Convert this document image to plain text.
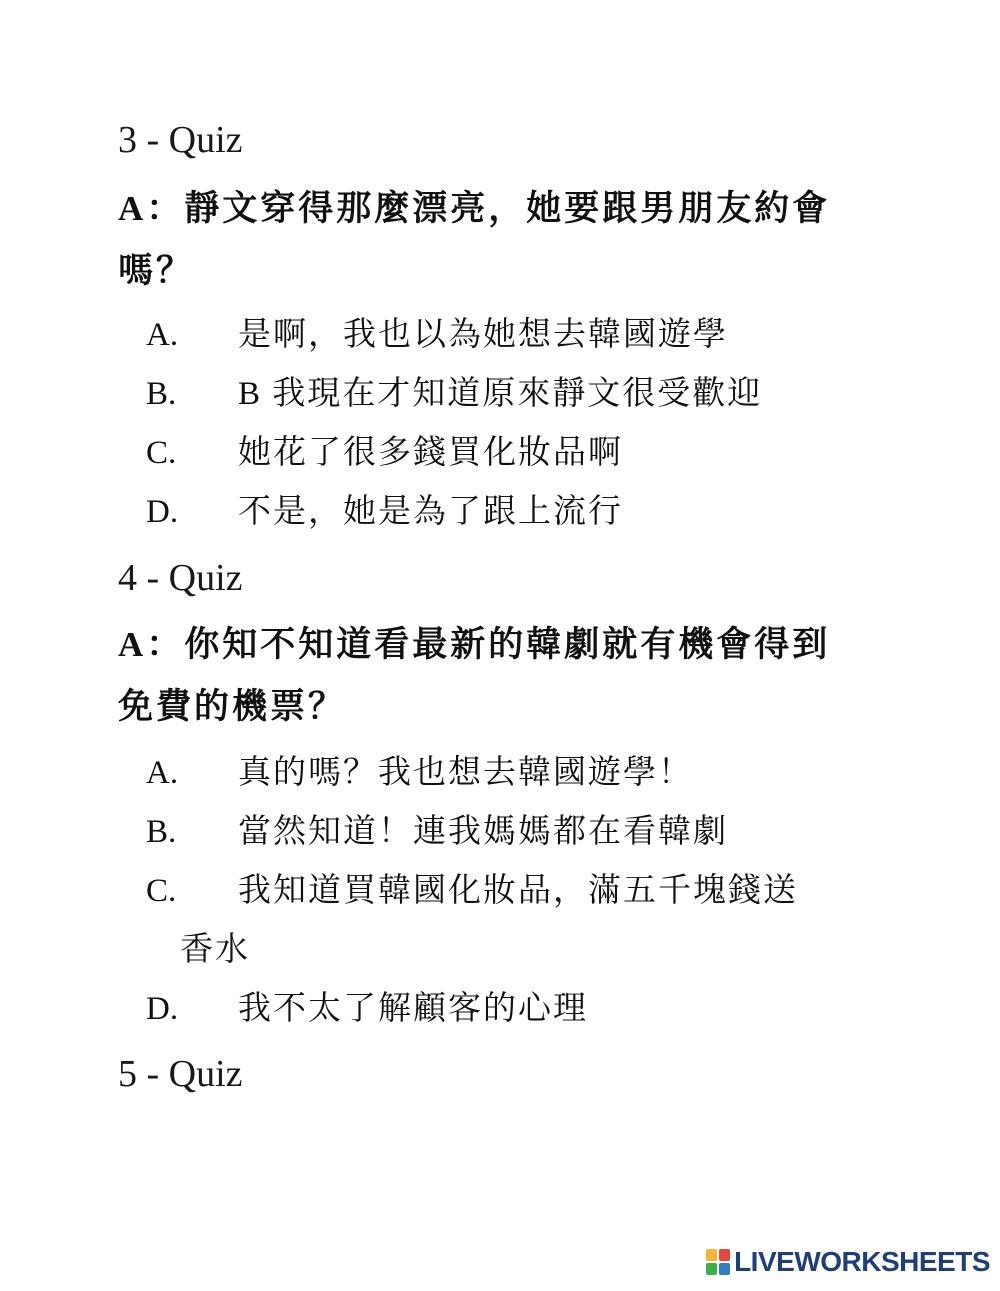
3 - Quiz
A：靜文穿得那麼漂亮，她要跟男朋友約會
嗎？
A. 是啊，我也以為她想去韓國遊學
B. B 我現在才知道原來靜文很受歡迎
C. 她花了很多錢買化妝品啊
D. 不是，她是為了跟上流行
4 - Quiz
A：你知不知道看最新的韓劇就有機會得到
免費的機票？
A. 真的嗎？我也想去韓國遊學！
B. 當然知道！連我媽媽都在看韓劇
C. 我知道買韓國化妝品，滿五千塊錢送
香水
D. 我不太了解顧客的心理
5 - Quiz
LIVEWORKSHEETS
